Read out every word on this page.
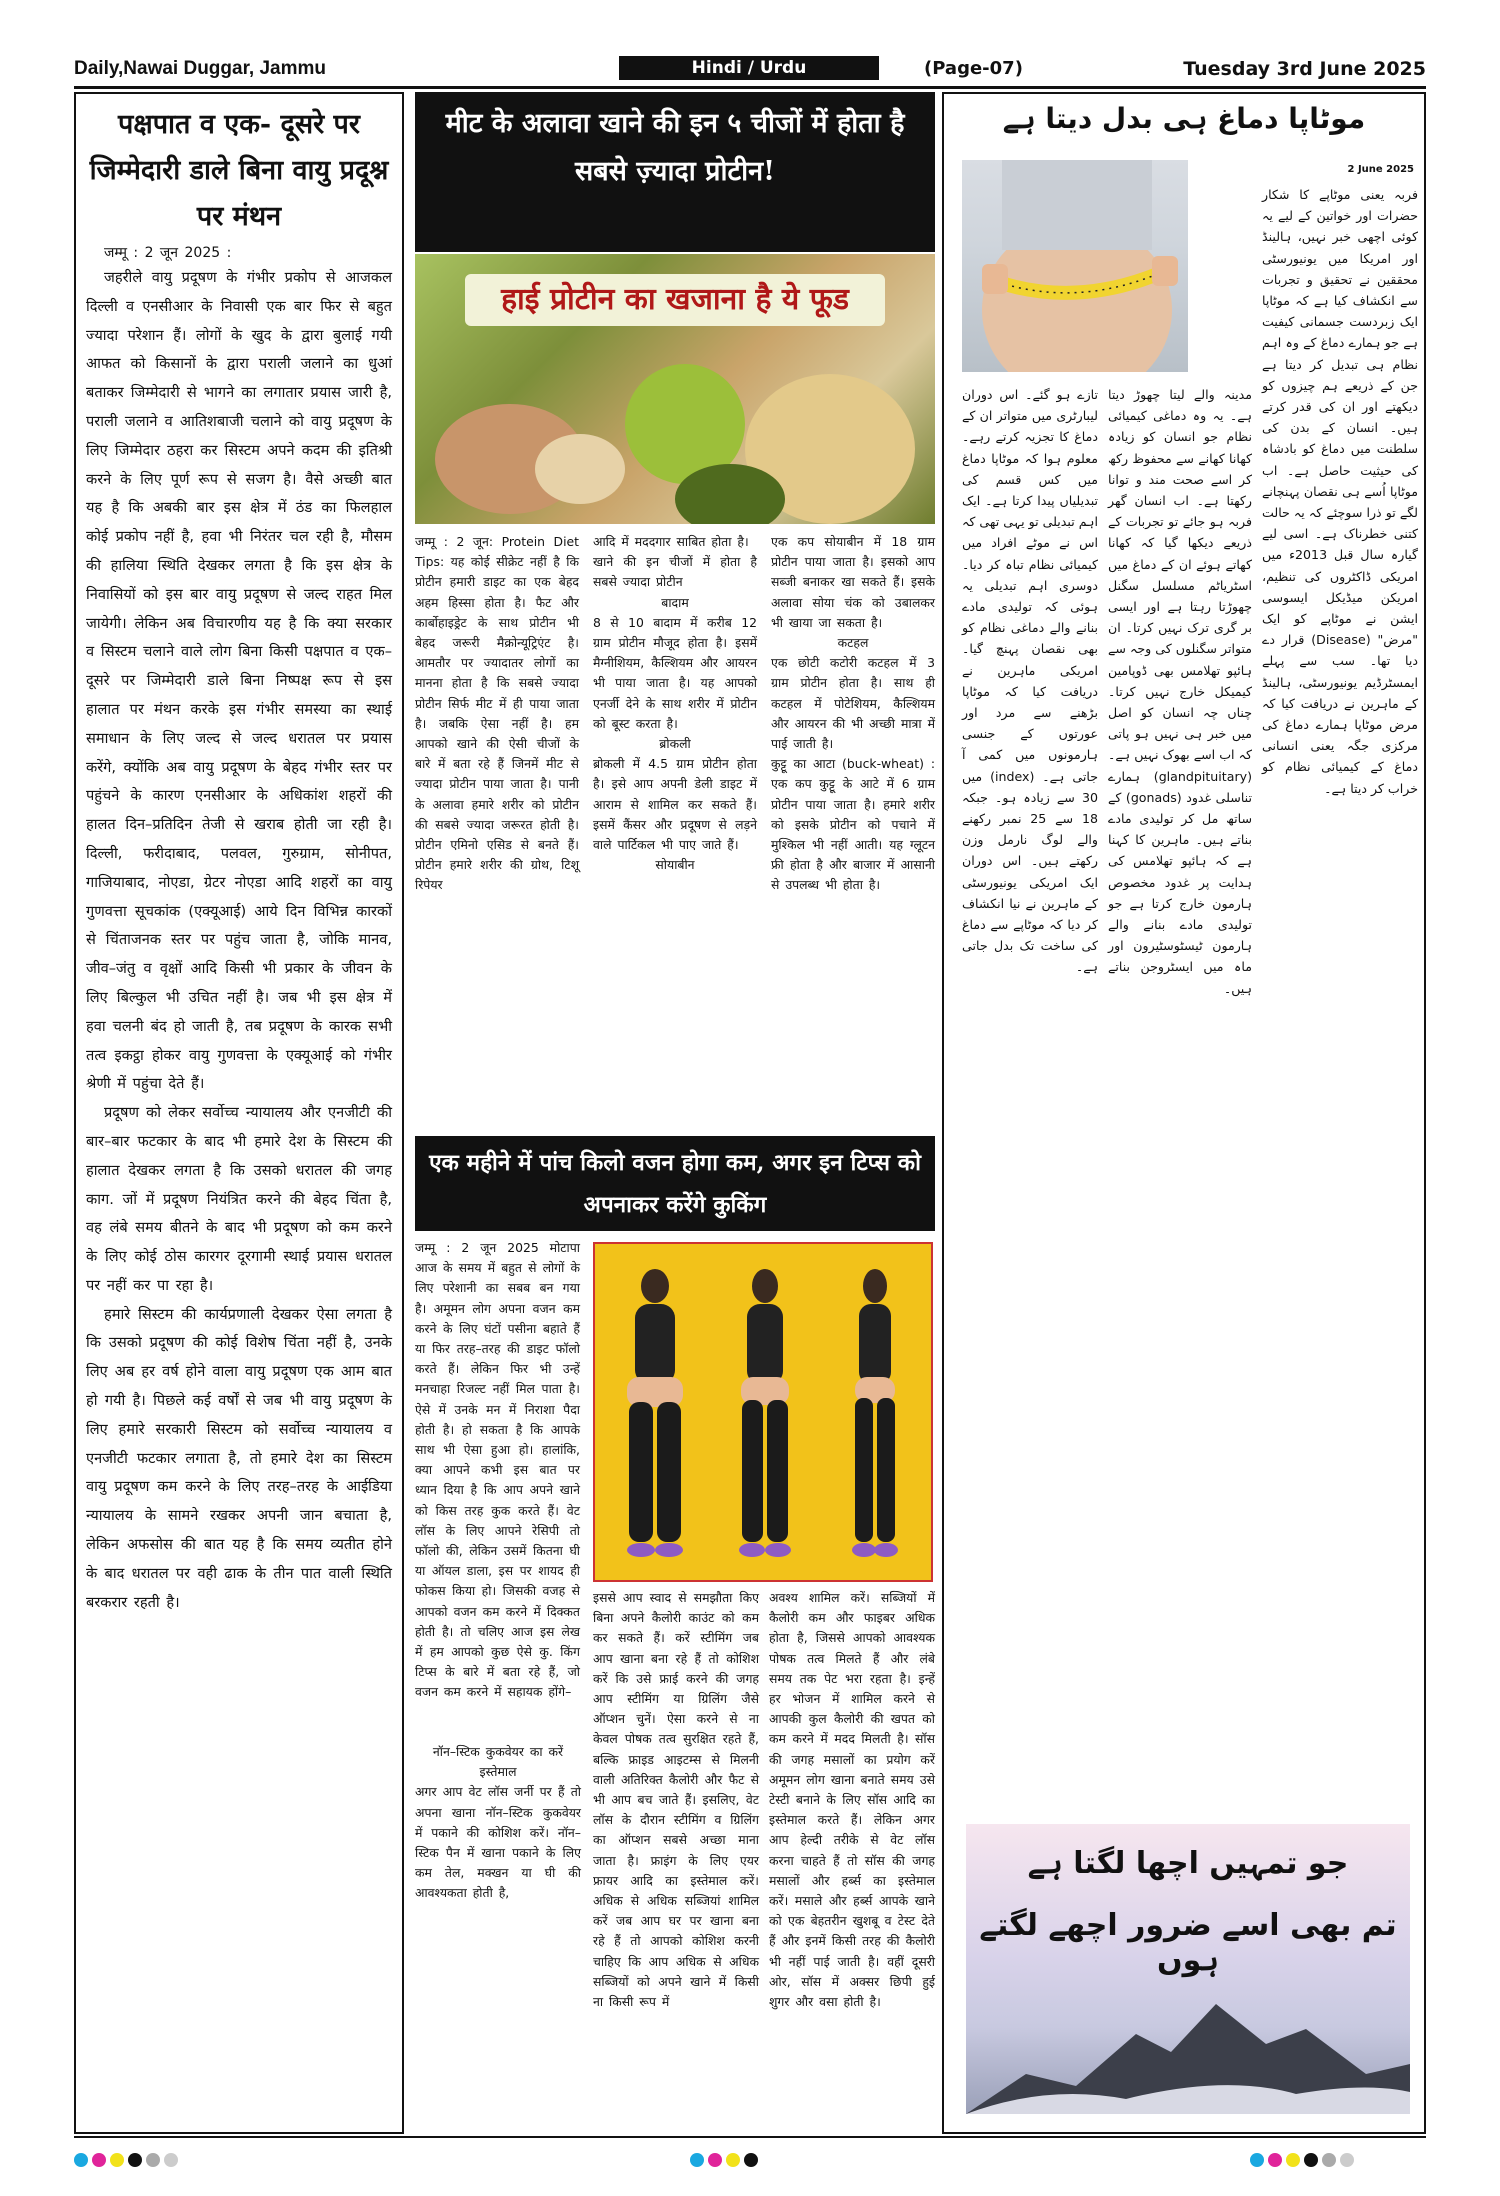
Daily,Nawai Duggar, Jammu	Hindi / Urdu	(Page-07)	Tuesday 3rd June 2025
पक्षपात व एक- दूसरे पर जिम्मेदारी डाले बिना वायु प्रदूश्न पर मंथन
जम्मू : 2 जून 2025 :

जहरीले वायु प्रदूषण के गंभीर प्रकोप से आजकल दिल्ली व एनसीआर के निवासी एक बार फिर से बहुत ज्यादा परेशान हैं। लोगों के खुद के द्वारा बुलाई गयी आफत को किसानों के द्वारा पराली जलाने का धुआं बताकर जिम्मेदारी से भागने का लगातार प्रयास जारी है, पराली जलाने व आतिशबाजी चलाने को वायु प्रदूषण के लिए जिम्मेदार ठहरा कर सिस्टम अपने कदम की इतिश्री करने के लिए पूर्ण रूप से सजग है। वैसे अच्छी बात यह है कि अबकी बार इस क्षेत्र में ठंड का फिलहाल कोई प्रकोप नहीं है, हवा भी निरंतर चल रही है, मौसम की हालिया स्थिति देखकर लगता है कि इस क्षेत्र के निवासियों को इस बार वायु प्रदूषण से जल्द राहत मिल जायेगी। लेकिन अब विचारणीय यह है कि क्या सरकार व सिस्टम चलाने वाले लोग बिना किसी पक्षपात व एक–दूसरे पर जिम्मेदारी डाले बिना निष्पक्ष रूप से इस हालात पर मंथन करके इस गंभीर समस्या का स्थाई समाधान के लिए जल्द से जल्द धरातल पर प्रयास करेंगे, क्योंकि अब वायु प्रदूषण के बेहद गंभीर स्तर पर पहुंचने के कारण एनसीआर के अधिकांश शहरों की हालत दिन–प्रतिदिन तेजी से खराब होती जा रही है। दिल्ली, फरीदाबाद, पलवल, गुरुग्राम, सोनीपत, गाजियाबाद, नोएडा, ग्रेटर नोएडा आदि शहरों का वायु गुणवत्ता सूचकांक (एक्यूआई) आये दिन विभिन्न कारकों से चिंताजनक स्तर पर पहुंच जाता है, जोकि मानव, जीव–जंतु व वृक्षों आदि किसी भी प्रकार के जीवन के लिए बिल्कुल भी उचित नहीं है। जब भी इस क्षेत्र में हवा चलनी बंद हो जाती है, तब प्रदूषण के कारक सभी तत्व इकट्ठा होकर वायु गुणवत्ता के एक्यूआई को गंभीर श्रेणी में पहुंचा देते हैं।

प्रदूषण को लेकर सर्वोच्च न्यायालय और एनजीटी की बार–बार फटकार के बाद भी हमारे देश के सिस्टम की हालात देखकर लगता है कि उसको धरातल की जगह काग. जों में प्रदूषण नियंत्रित करने की बेहद चिंता है, वह लंबे समय बीतने के बाद भी प्रदूषण को कम करने के लिए कोई ठोस कारगर दूरगामी स्थाई प्रयास धरातल पर नहीं कर पा रहा है।

हमारे सिस्टम की कार्यप्रणाली देखकर ऐसा लगता है कि उसको प्रदूषण की कोई विशेष चिंता नहीं है, उनके लिए अब हर वर्ष होने वाला वायु प्रदूषण एक आम बात हो गयी है। पिछले कई वर्षों से जब भी वायु प्रदूषण के लिए हमारे सरकारी सिस्टम को सर्वोच्च न्यायालय व एनजीटी फटकार लगाता है, तो हमारे देश का सिस्टम वायु प्रदूषण कम करने के लिए तरह–तरह के आईडिया न्यायालय के सामने रखकर अपनी जान बचाता है, लेकिन अफसोस की बात यह है कि समय व्यतीत होने के बाद धरातल पर वही ढाक के तीन पात वाली स्थिति बरकरार रहती है।

मीट के अलावा खाने की इन ५ चीजों में होता है सबसे ज़्यादा प्रोटीन!
हाई प्रोटीन का खजाना है ये फूड
जम्मू : 2 जून: Protein Diet Tips: यह कोई सीक्रेट नहीं है कि प्रोटीन हमारी डाइट का एक बेहद अहम हिस्सा होता है। फैट और कार्बोहाइड्रेट के साथ प्रोटीन भी बेहद जरूरी मैक्रोन्यूट्रिएंट है। आमतौर पर ज्यादातर लोगों का मानना होता है कि सबसे ज्यादा प्रोटीन सिर्फ मीट में ही पाया जाता है। जबकि ऐसा नहीं है। हम आपको खाने की ऐसी चीजों के बारे में बता रहे हैं जिनमें मीट से ज्यादा प्रोटीन पाया जाता है। पानी के अलावा हमारे शरीर को प्रोटीन की सबसे ज्यादा जरूरत होती है। प्रोटीन एमिनो एसिड से बनते हैं। प्रोटीन हमारे शरीर की ग्रोथ, टिशू रिपेयर
आदि में मददगार साबित होता है।
खाने की इन चीजों में होता है सबसे ज्यादा प्रोटीन
बादाम
8 से 10 बादाम में करीब 12 ग्राम प्रोटीन मौजूद होता है। इसमें मैग्नीशियम, कैल्शियम और आयरन भी पाया जाता है। यह आपको एनर्जी देने के साथ शरीर में प्रोटीन को बूस्ट करता है।
ब्रोकली
ब्रोकली में 4.5 ग्राम प्रोटीन होता है। इसे आप अपनी डेली डाइट में आराम से शामिल कर सकते हैं। इसमें कैंसर और प्रदूषण से लड़ने वाले पार्टिकल भी पाए जाते हैं।
सोयाबीन
एक कप सोयाबीन में 18 ग्राम प्रोटीन पाया जाता है। इसको आप सब्जी बनाकर खा सकते हैं। इसके अलावा सोया चंक को उबालकर भी खाया जा सकता है।
कटहल
एक छोटी कटोरी कटहल में 3 ग्राम प्रोटीन होता है। साथ ही कटहल में पोटेशियम, कैल्शियम और आयरन की भी अच्छी मात्रा में पाई जाती है।
कुट्टू का आटा (buck-wheat) : एक कप कुट्टू के आटे में 6 ग्राम प्रोटीन पाया जाता है। हमारे शरीर को इसके प्रोटीन को पचाने में मुश्किल भी नहीं आती। यह ग्लूटन फ्री होता है और बाजार में आसानी से उपलब्ध भी होता है।
एक महीने में पांच किलो वजन होगा कम, अगर इन टिप्स को अपनाकर करेंगे कुकिंग
जम्मू : 2 जून 2025 मोटापा आज के समय में बहुत से लोगों के लिए परेशानी का सबब बन गया है। अमूमन लोग अपना वजन कम करने के लिए घंटों पसीना बहाते हैं या फिर तरह–तरह की डाइट फॉलो करते हैं। लेकिन फिर भी उन्हें मनचाहा रिजल्ट नहीं मिल पाता है। ऐसे में उनके मन में निराशा पैदा होती है। हो सकता है कि आपके साथ भी ऐसा हुआ हो। हालांकि, क्या आपने कभी इस बात पर ध्यान दिया है कि आप अपने खाने को किस तरह कुक करते हैं। वेट लॉस के लिए आपने रेसिपी तो फॉलो की, लेकिन उसमें कितना घी या ऑयल डाला, इस पर शायद ही फोकस किया हो। जिसकी वजह से आपको वजन कम करने में दिक्कत होती है। तो चलिए आज इस लेख में हम आपको कुछ ऐसे कु. किंग टिप्स के बारे में बता रहे हैं, जो वजन कम करने में सहायक होंगे–
नॉन–स्टिक कुकवेयर का करें इस्तेमाल
अगर आप वेट लॉस जर्नी पर हैं तो अपना खाना नॉन–स्टिक कुकवेयर में पकाने की कोशिश करें। नॉन–स्टिक पैन में खाना पकाने के लिए कम तेल, मक्खन या घी की आवश्यकता होती है,
इससे आप स्वाद से समझौता किए बिना अपने कैलोरी काउंट को कम कर सकते हैं। करें स्टीमिंग जब आप खाना बना रहे हैं तो कोशिश करें कि उसे फ्राई करने की जगह आप स्टीमिंग या ग्रिलिंग जैसे ऑप्शन चुनें। ऐसा करने से ना केवल पोषक तत्व सुरक्षित रहते हैं, बल्कि फ्राइड आइटम्स से मिलनी वाली अतिरिक्त कैलोरी और फैट से भी आप बच जाते हैं। इसलिए, वेट लॉस के दौरान स्टीमिंग व ग्रिलिंग का ऑप्शन सबसे अच्छा माना जाता है। फ्राइंग के लिए एयर फ्रायर आदि का इस्तेमाल करें। अधिक से अधिक सब्जियां शामिल करें जब आप घर पर खाना बना रहे हैं तो आपको कोशिश करनी चाहिए कि आप अधिक से अधिक सब्जियों को अपने खाने में किसी ना किसी रूप में
अवश्य शामिल करें। सब्जियों में कैलोरी कम और फाइबर अधिक होता है, जिससे आपको आवश्यक पोषक तत्व मिलते हैं और लंबे समय तक पेट भरा रहता है। इन्हें हर भोजन में शामिल करने से आपकी कुल कैलोरी की खपत को कम करने में मदद मिलती है। सॉस की जगह मसालों का प्रयोग करें अमूमन लोग खाना बनाते समय उसे टेस्टी बनाने के लिए सॉस आदि का इस्तेमाल करते हैं। लेकिन अगर आप हेल्दी तरीके से वेट लॉस करना चाहते हैं तो सॉस की जगह मसालों और हर्ब्स का इस्तेमाल करें। मसाले और हर्ब्स आपके खाने को एक बेहतरीन खुशबू व टेस्ट देते हैं और इनमें किसी तरह की कैलोरी भी नहीं पाई जाती है। वहीं दूसरी ओर, सॉस में अक्सर छिपी हुई शुगर और वसा होती है।
موٹاپا دماغ ہی بدل دیتا ہے
2 June 2025
فربہ یعنی موٹاپے کا شکار حضرات اور خواتین کے لیے یہ کوئی اچھی خبر نہیں، ہالینڈ اور امریکا میں یونیورسٹی محققین نے تحقیق و تجربات سے انکشاف کیا ہے کہ موٹاپا ایک زبردست جسمانی کیفیت ہے جو ہمارے دماغ کے وہ اہم نظام ہی تبدیل کر دیتا ہے جن کے ذریعے ہم چیزوں کو دیکھتے اور ان کی قدر کرتے ہیں۔ انسان کے بدن کی سلطنت میں دماغ کو بادشاہ کی حیثیت حاصل ہے۔ اب موٹاپا اُسے ہی نقصان پہنچانے لگے تو ذرا سوچئے کہ یہ حالت کتنی خطرناک ہے۔ اسی لیے گیارہ سال قبل 2013ء میں امریکی ڈاکٹروں کی تنظیم، امریکن میڈیکل ایسوسی ایشن نے موٹاپے کو ایک "مرض" (Disease) قرار دے دیا تھا۔ سب سے پہلے ایمسٹرڈیم یونیورسٹی، ہالینڈ کے ماہرین نے دریافت کیا کہ مرض موٹاپا ہمارے دماغ کی مرکزی جگہ یعنی انسانی دماغ کے کیمیائی نظام کو خراب کر دیتا ہے۔
تازے ہو گئے۔ اس دوران لیبارٹری میں متواتر ان کے دماغ کا تجزیہ کرتے رہے۔ معلوم ہوا کہ موٹاپا دماغ میں کس قسم کی تبدیلیاں پیدا کرتا ہے۔ ایک اہم تبدیلی تو یہی تھی کہ اس نے موٹے افراد میں کیمیائی نظام تباہ کر دیا۔ دوسری اہم تبدیلی یہ ہوئی کہ تولیدی مادے بنانے والے دماغی نظام کو بھی نقصان پہنچ گیا۔ امریکی ماہرین نے دریافت کیا کہ موٹاپا بڑھنے سے مرد اور عورتوں کے جنسی ہارمونوں میں کمی آ جاتی ہے۔ (index) میں 30 سے زیادہ ہو۔ جبکہ 18 سے 25 نمبر رکھنے والے لوگ نارمل وزن رکھتے ہیں۔ اس دوران ایک امریکی یونیورسٹی کے ماہرین نے نیا انکشاف کر دیا کہ موٹاپے سے دماغ کی ساخت تک بدل جاتی ہے۔
مدینہ والے لیتا چھوڑ دیتا ہے۔ یہ وہ دماغی کیمیائی نظام جو انسان کو زیادہ کھانا کھانے سے محفوظ رکھ کر اسے صحت مند و توانا رکھتا ہے۔ اب انسان گھر فربہ ہو جائے تو تجربات کے ذریعے دیکھا گیا کہ کھانا کھاتے ہوئے ان کے دماغ میں اسٹریاٹم مسلسل سگنل چھوڑتا رہتا ہے اور ایسی بر گری ترک نہیں کرتا۔ ان متواتر سگنلوں کی وجہ سے ہائپو تھلامس بھی ڈوپامین کیمیکل خارج نہیں کرتا۔ چناں چہ انسان کو اصل میں خبر ہی نہیں ہو پاتی کہ اب اسے بھوک نہیں ہے۔ (glandpituitary) ہمارے تناسلی غدود (gonads) کے ساتھ مل کر تولیدی مادے بناتے ہیں۔ ماہرین کا کہنا ہے کہ ہائپو تھلامس کی ہدایت پر غدود مخصوص ہارمون خارج کرتا ہے جو تولیدی مادے بنانے والے ہارمون ٹیسٹوسٹیرون اور ماہ میں ایسٹروجن بناتے ہیں۔
جو تمہیں اچھا لگتا ہے
تم بھی اسے ضرور اچھے لگتے ہوں
